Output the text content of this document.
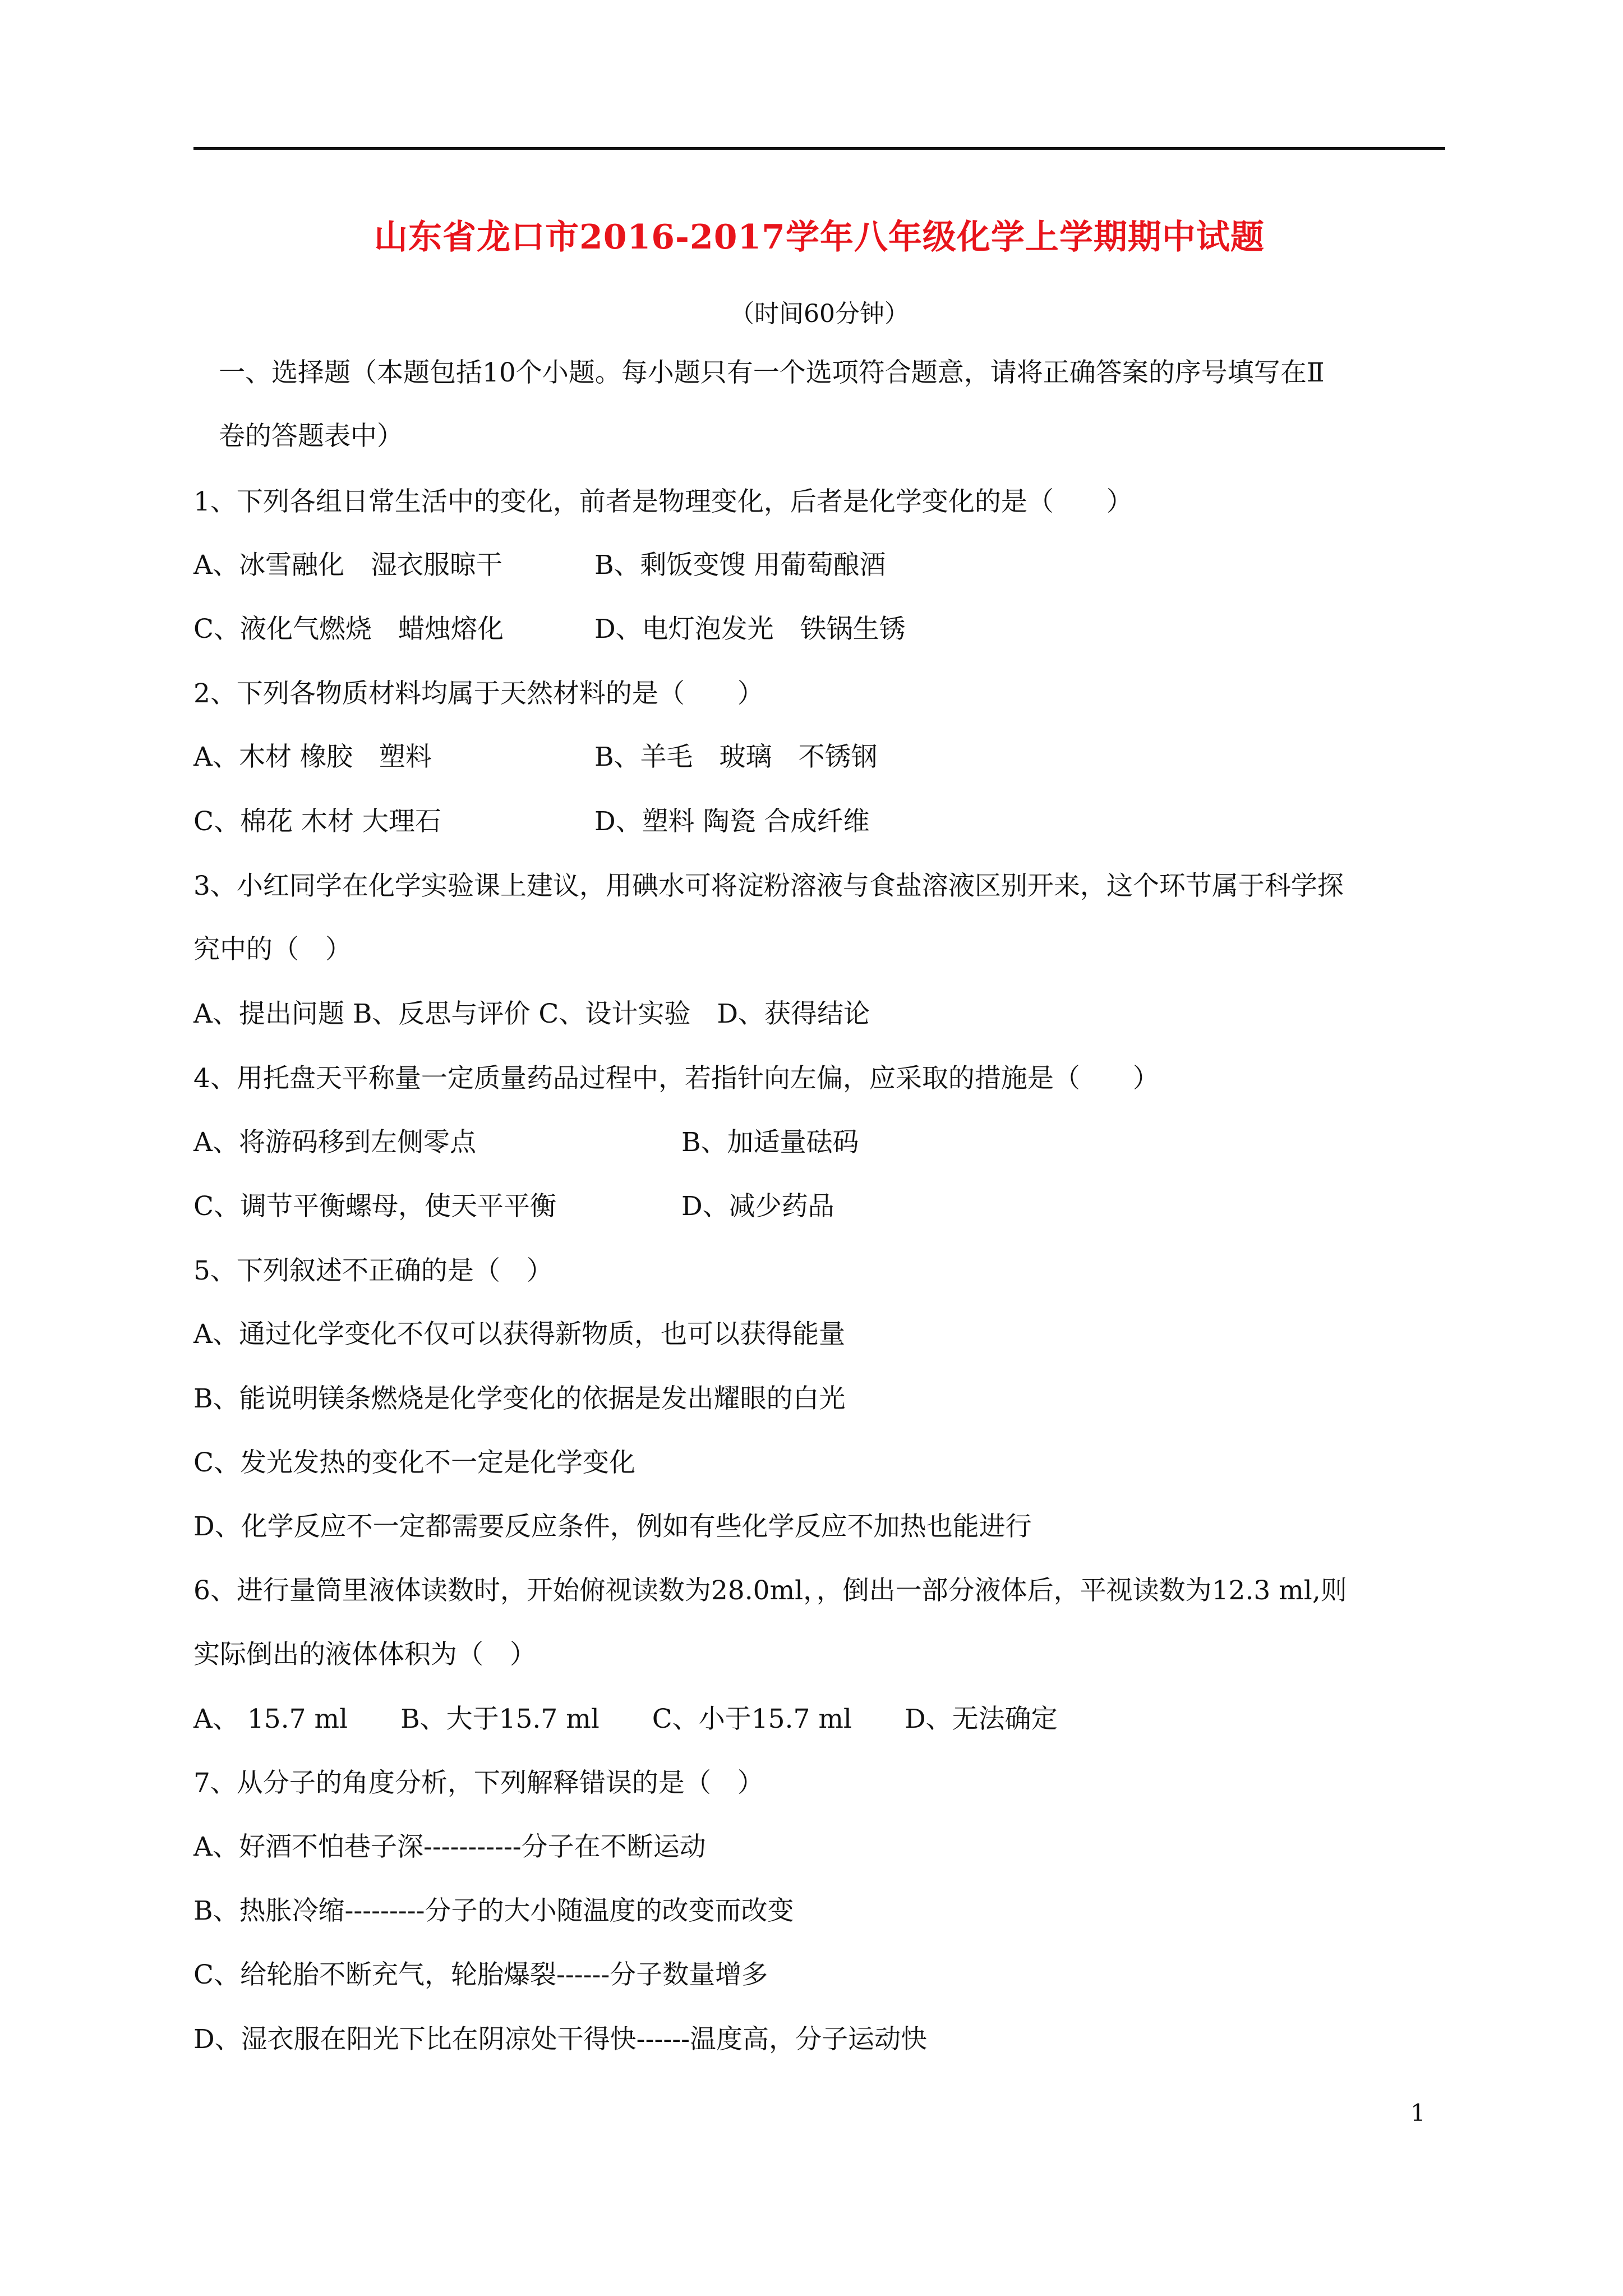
山东省龙口市2016-2017学年八年级化学上学期期中试题
（时间60分钟）
一、选择题（本题包括10个小题。每小题只有一个选项符合题意，请将正确答案的序号填写在Ⅱ
卷的答题表中）
1、下列各组日常生活中的变化，前者是物理变化，后者是化学变化的是（　　）
A、冰雪融化　湿衣服晾干	B、剩饭变馊 用葡萄酿酒
C、液化气燃烧　蜡烛熔化	D、电灯泡发光　铁锅生锈
2、下列各物质材料均属于天然材料的是（　　）
A、木材 橡胶　塑料	B、羊毛　玻璃　不锈钢
C、棉花 木材 大理石	D、塑料 陶瓷 合成纤维
3、小红同学在化学实验课上建议，用碘水可将淀粉溶液与食盐溶液区别开来，这个环节属于科学探
究中的（　）
A、提出问题 B、反思与评价 C、设计实验　D、获得结论
4、用托盘天平称量一定质量药品过程中，若指针向左偏，应采取的措施是（　　）
A、将游码移到左侧零点	B、加适量砝码
C、调节平衡螺母，使天平平衡	D、减少药品
5、下列叙述不正确的是（　）
A、通过化学变化不仅可以获得新物质，也可以获得能量
B、能说明镁条燃烧是化学变化的依据是发出耀眼的白光
C、发光发热的变化不一定是化学变化
D、化学反应不一定都需要反应条件，例如有些化学反应不加热也能进行
6、进行量筒里液体读数时，开始俯视读数为28.0ml，，倒出一部分液体后，平视读数为12.3 ml,则
实际倒出的液体体积为（　）
A、 15.7 ml　　B、大于15.7 ml　　C、小于15.7 ml　　D、无法确定
7、从分子的角度分析，下列解释错误的是（　）
A、好酒不怕巷子深-----------分子在不断运动
B、热胀冷缩---------分子的大小随温度的改变而改变
C、给轮胎不断充气，轮胎爆裂------分子数量增多
D、湿衣服在阳光下比在阴凉处干得快------温度高，分子运动快
1
